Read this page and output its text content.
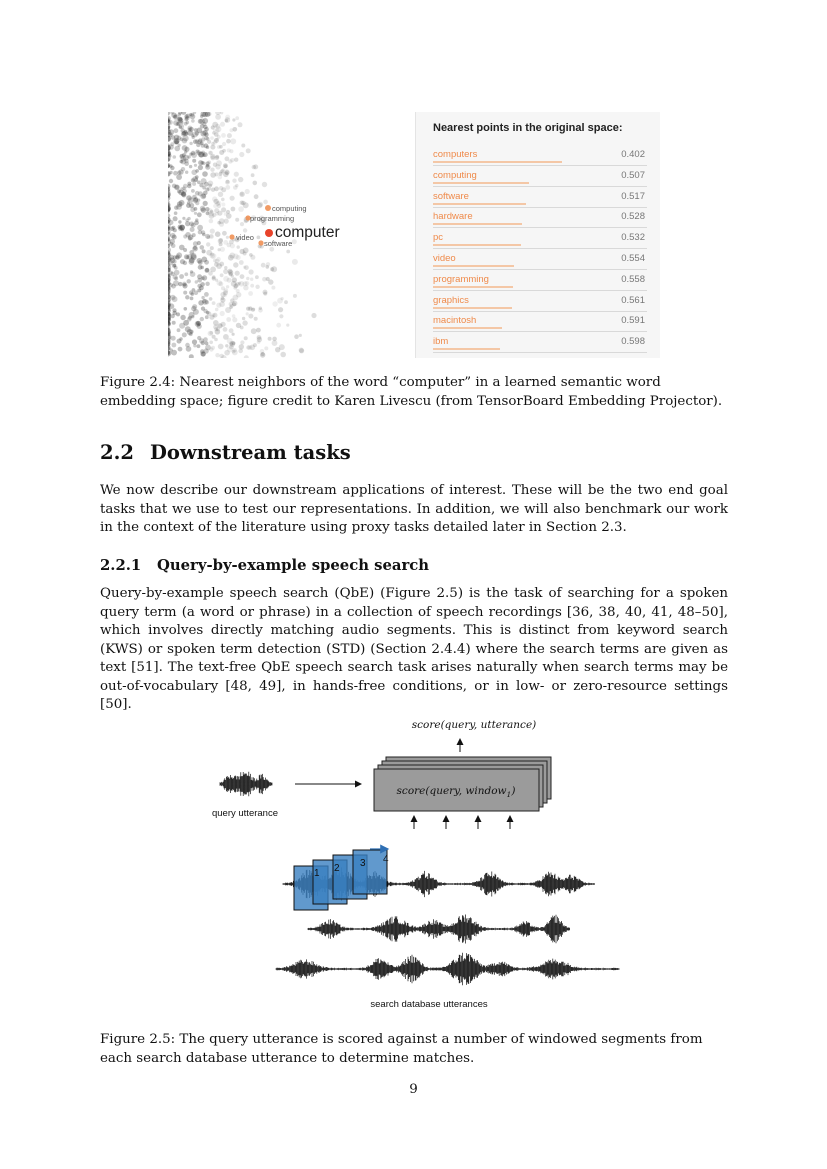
computing
programming
video
software
computer
Nearest points in the original space:
computers	0.402
computing	0.507
software	0.517
hardware	0.528
pc	0.532
video	0.554
programming	0.558
graphics	0.561
macintosh	0.591
ibm	0.598
Figure 2.4: Nearest neighbors of the word “computer” in a learned semantic word embedding space; figure credit to Karen Livescu (from TensorBoard Embedding Projector).
2.2 Downstream tasks
We now describe our downstream applications of interest. These will be the two end goal tasks that we use to test our representations. In addition, we will also benchmark our work in the context of the literature using proxy tasks detailed later in Section 2.3.
2.2.1 Query-by-example speech search
Query-by-example speech search (QbE) (Figure 2.5) is the task of searching for a spoken query term (a word or phrase) in a collection of speech recordings [36, 38, 40, 41, 48–50], which involves directly matching audio segments. This is distinct from keyword search (KWS) or spoken term detection (STD) (Section 2.4.4) where the search terms are given as text [51]. The text-free QbE speech search task arises naturally when search terms may be out-of-vocabulary [48, 49], in hands-free conditions, or in low- or zero-resource settings [50].
score(query, utterance)
score(query, window$_1$)
query utterance
1 2 3 4
search database utterances
Figure 2.5: The query utterance is scored against a number of windowed segments from each search database utterance to determine matches.
9
